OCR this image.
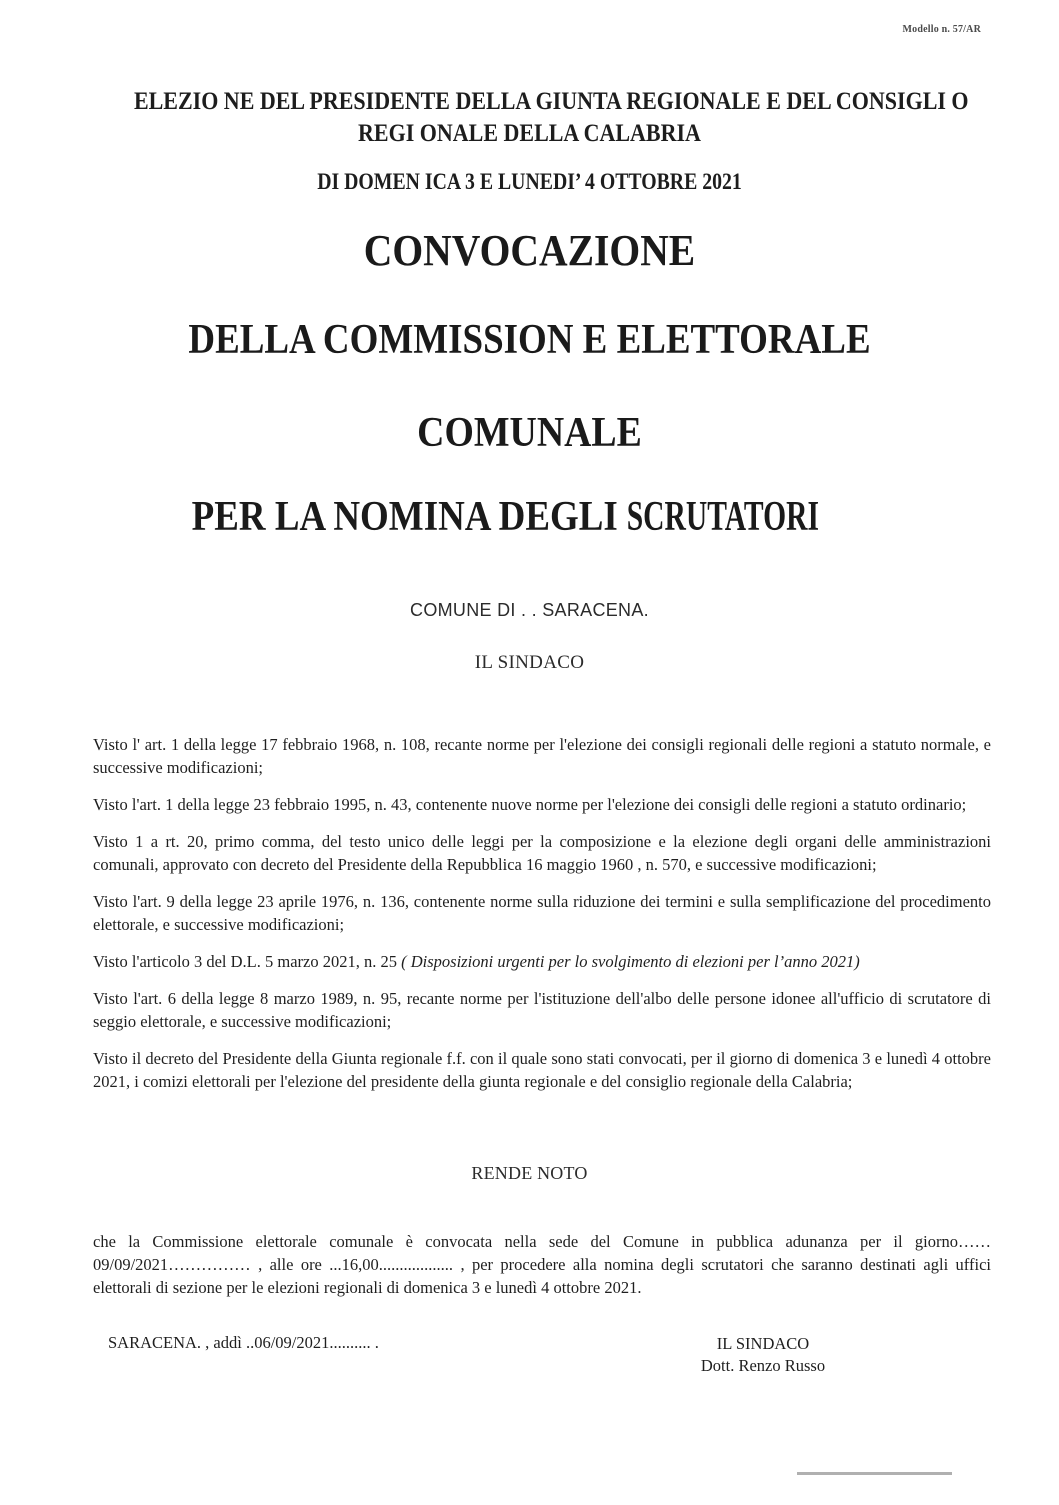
Modello n. 57/AR
ELEZIO NE DEL PRESIDENTE DELLA GIUNTA REGIONALE E DEL CONSIGLI O
REGI ONALE DELLA CALABRIA
DI DOMEN ICA 3 E LUNEDI’ 4 OTTOBRE 2021
CONVOCAZIONE
DELLA COMMISSION E ELETTORALE
COMUNALE
PER LA NOMINA DEGLI SCRUTATORI
COMUNE DI . . SARACENA.
IL SINDACO

Visto l' art. 1 della legge 17 febbraio 1968, n. 108, recante norme per l'elezione dei consigli regionali delle regioni a statuto normale, e successive modificazioni;

Visto l'art. 1 della legge 23 febbraio 1995, n. 43, contenente nuove norme per l'elezione dei consigli delle regioni a statuto ordinario;

Visto 1 a rt. 20, primo comma, del testo unico delle leggi per la composizione e la elezione degli organi delle amministrazioni comunali, approvato con decreto del Presidente della Repubblica 16 maggio 1960 , n. 570, e successive modificazioni;

Visto l'art. 9 della legge 23 aprile 1976, n. 136, contenente norme sulla riduzione dei termini e sulla semplificazione del procedimento elettorale, e successive modificazioni;

Visto l'articolo 3 del D.L. 5 marzo 2021, n. 25 ( Disposizioni urgenti per lo svolgimento di elezioni per l’anno 2021)

Visto l'art. 6 della legge 8 marzo 1989, n. 95, recante norme per l'istituzione dell'albo delle persone idonee all'ufficio di scrutatore di seggio elettorale, e successive modificazioni;

Visto il decreto del Presidente della Giunta regionale f.f. con il quale sono stati convocati, per il giorno di domenica 3 e lunedì 4 ottobre 2021, i comizi elettorali per l'elezione del presidente della giunta regionale e del consiglio regionale della Calabria;

RENDE NOTO

che la Commissione elettorale comunale è convocata nella sede del Comune in pubblica adunanza per il giorno……09/09/2021…………… , alle ore ...16,00.................. , per procedere alla nomina degli scrutatori che saranno destinati agli uffici elettorali di sezione per le elezioni regionali di domenica 3 e lunedì 4 ottobre 2021.

SARACENA. , addì ..06/09/2021.......... .	IL SINDACO
Dott. Renzo Russo
